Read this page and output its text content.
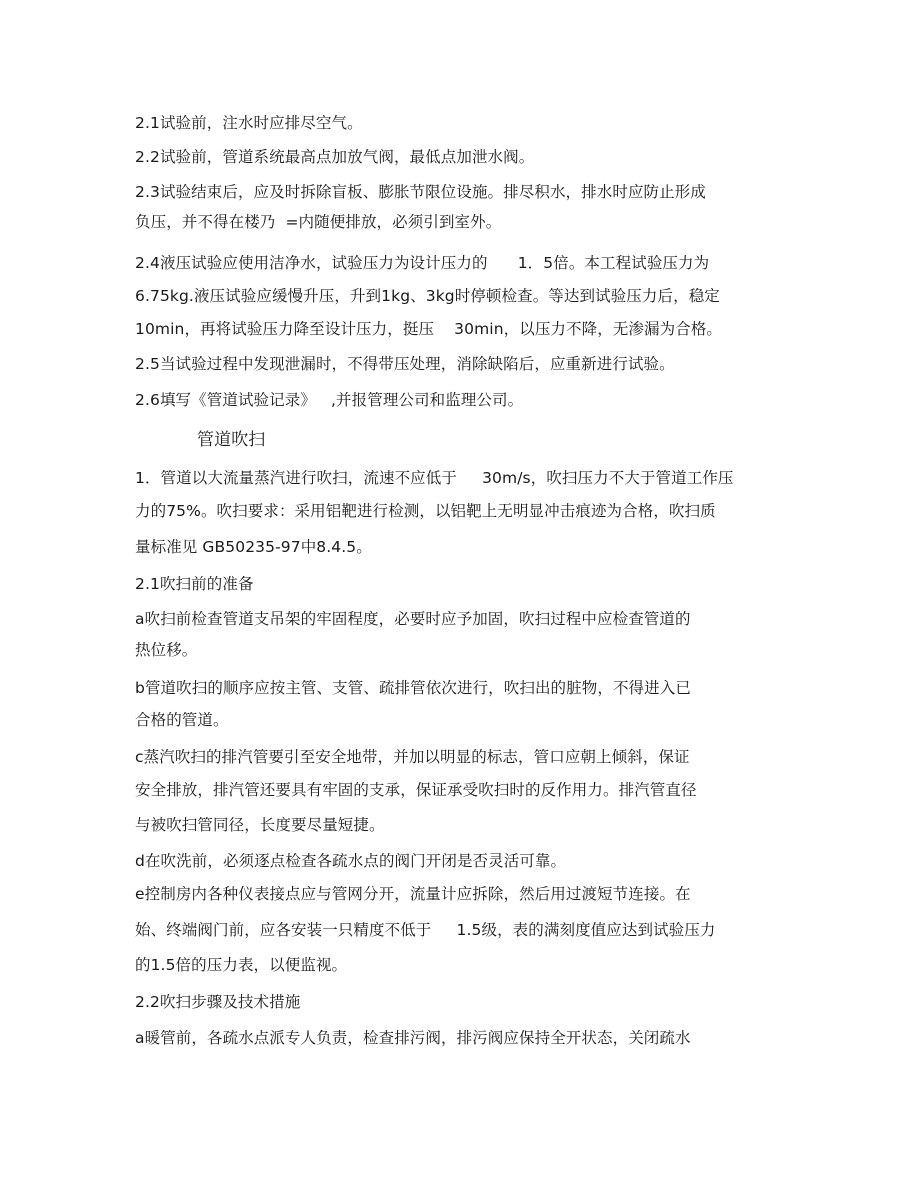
2.1试验前，注水时应排尽空气。
2.2试验前，管道系统最高点加放气阀，最低点加泄水阀。
2.3试验结束后，应及时拆除盲板、膨胀节限位设施。排尽积水，排水时应防止形成
负压，并不得在楼乃  =内随便排放，必须引到室外。
2.4液压试验应使用洁净水，试验压力为设计压力的      1．5倍。本工程试验压力为
6.75kg.液压试验应缓慢升压，升到1kg、3kg时停顿检查。等达到试验压力后，稳定
10min，再将试验压力降至设计压力，挺压    30min，以压力不降，无渗漏为合格。
2.5当试验过程中发现泄漏时，不得带压处理，消除缺陷后，应重新进行试验。
2.6填写《管道试验记录》   ,并报管理公司和监理公司。
管道吹扫
1．管道以大流量蒸汽进行吹扫，流速不应低于     30m/s，吹扫压力不大于管道工作压
力的75%。吹扫要求：采用铝靶进行检测，以铝靶上无明显冲击痕迹为合格，吹扫质
量标准见 GB50235-97中8.4.5。
2.1吹扫前的准备
a吹扫前检查管道支吊架的牢固程度，必要时应予加固，吹扫过程中应检查管道的
热位移。
b管道吹扫的顺序应按主管、支管、疏排管依次进行，吹扫出的脏物，不得进入已
合格的管道。
c蒸汽吹扫的排汽管要引至安全地带，并加以明显的标志，管口应朝上倾斜，保证
安全排放，排汽管还要具有牢固的支承，保证承受吹扫时的反作用力。排汽管直径
与被吹扫管同径，长度要尽量短捷。
d在吹洗前，必须逐点检查各疏水点的阀门开闭是否灵活可靠。
e控制房内各种仪表接点应与管网分开，流量计应拆除，然后用过渡短节连接。在
始、终端阀门前，应各安装一只精度不低于     1.5级，表的满刻度值应达到试验压力
的1.5倍的压力表，以便监视。
2.2吹扫步骤及技术措施
a暖管前，各疏水点派专人负责，检查排污阀，排污阀应保持全开状态，关闭疏水
